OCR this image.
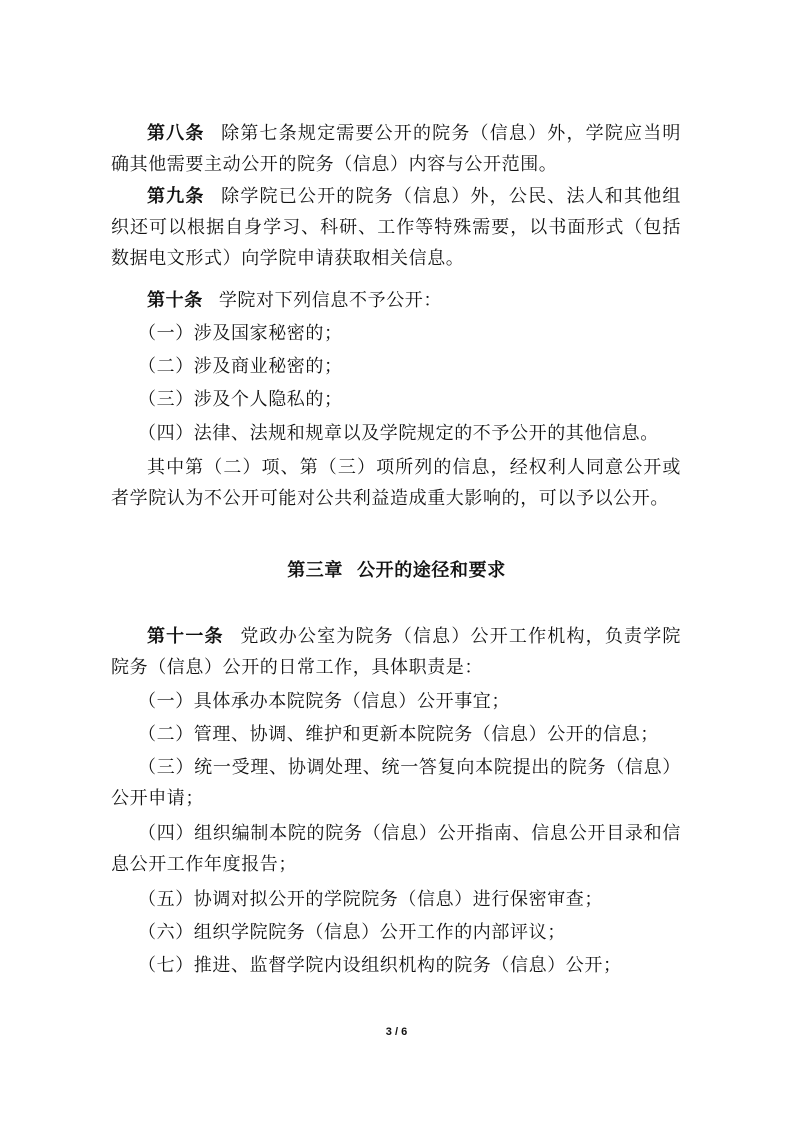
第八条 除第七条规定需要公开的院务（信息）外，学院应当明确其他需要主动公开的院务（信息）内容与公开范围。

第九条 除学院已公开的院务（信息）外，公民、法人和其他组织还可以根据自身学习、科研、工作等特殊需要，以书面形式（包括数据电文形式）向学院申请获取相关信息。

第十条 学院对下列信息不予公开：

（一）涉及国家秘密的；

（二）涉及商业秘密的；

（三）涉及个人隐私的；

（四）法律、法规和规章以及学院规定的不予公开的其他信息。

其中第（二）项、第（三）项所列的信息，经权利人同意公开或者学院认为不公开可能对公共利益造成重大影响的，可以予以公开。

第三章 公开的途径和要求

第十一条 党政办公室为院务（信息）公开工作机构，负责学院院务（信息）公开的日常工作，具体职责是：

（一）具体承办本院院务（信息）公开事宜；

（二）管理、协调、维护和更新本院院务（信息）公开的信息；

（三）统一受理、协调处理、统一答复向本院提出的院务（信息）公开申请；

（四）组织编制本院的院务（信息）公开指南、信息公开目录和信息公开工作年度报告；

（五）协调对拟公开的学院院务（信息）进行保密审查；

（六）组织学院院务（信息）公开工作的内部评议；

（七）推进、监督学院内设组织机构的院务（信息）公开；

3 / 6
